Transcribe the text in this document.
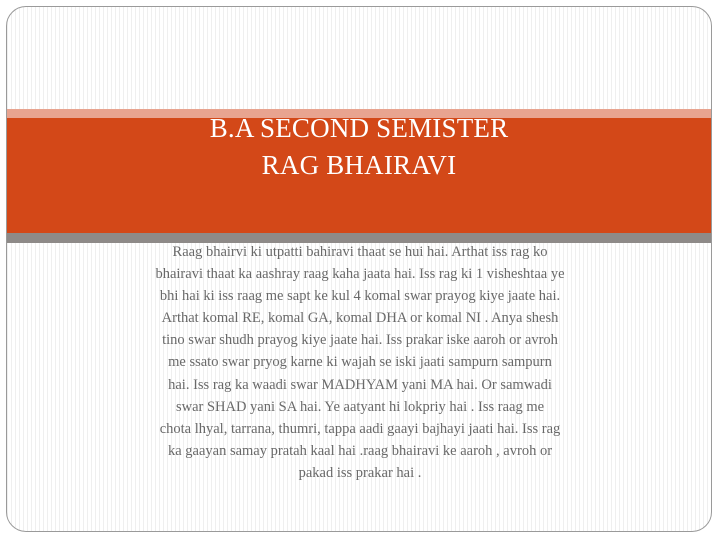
B.A SECOND SEMISTER
RAG BHAIRAVI
Raag bhairvi ki utpatti bahiravi thaat se hui hai. Arthat iss rag ko
bhairavi thaat ka aashray raag kaha jaata hai. Iss rag ki 1 visheshtaa ye
bhi hai ki iss raag me sapt ke kul 4 komal swar prayog kiye jaate hai.
Arthat komal RE, komal GA, komal DHA or komal NI . Anya shesh
tino swar shudh prayog kiye jaate hai. Iss prakar iske aaroh or avroh
me ssato swar pryog karne ki wajah se iski jaati sampurn sampurn
hai. Iss rag ka waadi swar MADHYAM yani MA hai. Or samwadi
swar SHAD yani SA hai. Ye aatyant hi lokpriy hai . Iss raag me
chota lhyal, tarrana, thumri, tappa aadi gaayi bajhayi jaati hai. Iss rag
ka gaayan samay pratah kaal hai .raag bhairavi ke aaroh , avroh or
pakad iss prakar hai .
